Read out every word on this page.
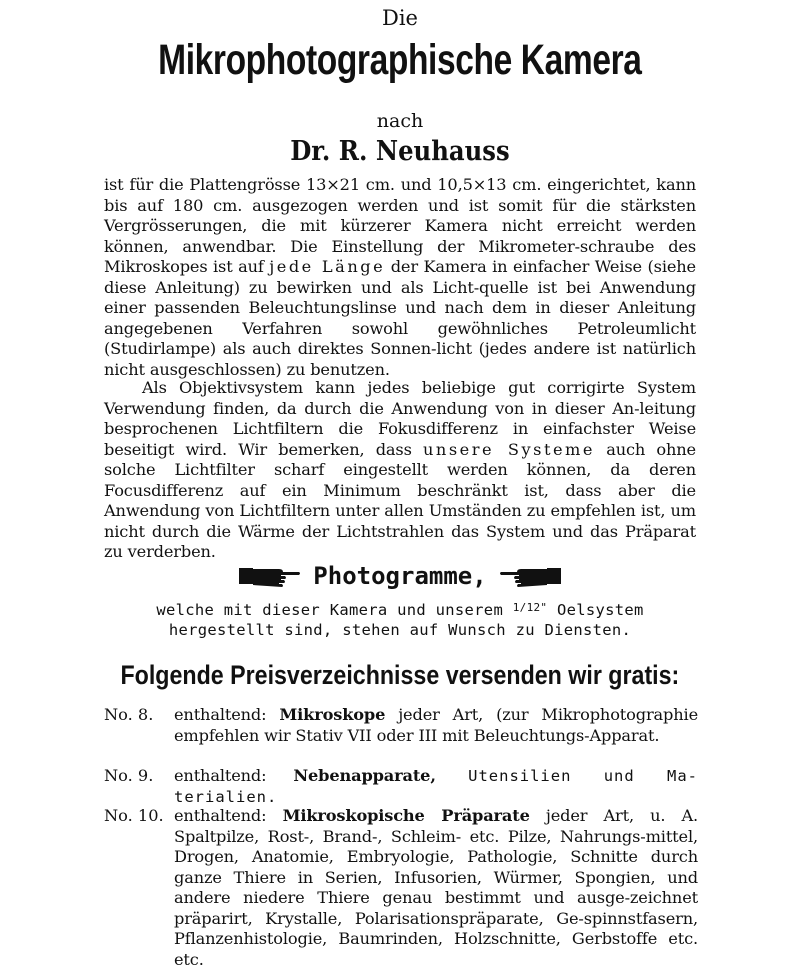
Die
Mikrophotographische Kamera
nach
Dr. R. Neuhauss
ist für die Plattengrösse 13×21 cm. und 10,5×13 cm. eingerichtet, kann bis auf 180 cm. ausgezogen werden und ist somit für die stärksten Vergrösserungen, die mit kürzerer Kamera nicht erreicht werden können, anwendbar. Die Einstellung der Mikrometer-schraube des Mikroskopes ist auf jede Länge der Kamera in einfacher Weise (siehe diese Anleitung) zu bewirken und als Licht-quelle ist bei Anwendung einer passenden Beleuchtungslinse und nach dem in dieser Anleitung angegebenen Verfahren sowohl gewöhnliches Petroleumlicht (Studirlampe) als auch direktes Sonnen-licht (jedes andere ist natürlich nicht ausgeschlossen) zu benutzen.
Als Objektivsystem kann jedes beliebige gut corrigirte System Verwendung finden, da durch die Anwendung von in dieser An-leitung besprochenen Lichtfiltern die Fokusdifferenz in einfachster Weise beseitigt wird. Wir bemerken, dass unsere Systeme auch ohne solche Lichtfilter scharf eingestellt werden können, da deren Focusdifferenz auf ein Minimum beschränkt ist, dass aber die Anwendung von Lichtfiltern unter allen Umständen zu empfehlen ist, um nicht durch die Wärme der Lichtstrahlen das System und das Präparat zu verderben.
Photogramme,
welche mit dieser Kamera und unserem $^{1/12"}$ Oelsystem
hergestellt sind, stehen auf Wunsch zu Diensten.
Folgende Preisverzeichnisse versenden wir gratis:
No. 8.	enthaltend: Mikroskope jeder Art, (zur Mikrophotographie empfehlen wir Stativ VII oder III mit Beleuchtungs-Apparat.
No. 9.	enthaltend: Nebenapparate, Utensilien und Ma-terialien.
No. 10. enthaltend: Mikroskopische Präparate jeder Art, u. A. Spaltpilze, Rost-, Brand-, Schleim- etc. Pilze, Nahrungs-mittel, Drogen, Anatomie, Embryologie, Pathologie, Schnitte durch ganze Thiere in Serien, Infusorien, Würmer, Spongien, und andere niedere Thiere genau bestimmt und ausge-zeichnet präparirt, Krystalle, Polarisationspräparate, Ge-spinnstfasern, Pflanzenhistologie, Baumrinden, Holzschnitte, Gerbstoffe etc. etc.
